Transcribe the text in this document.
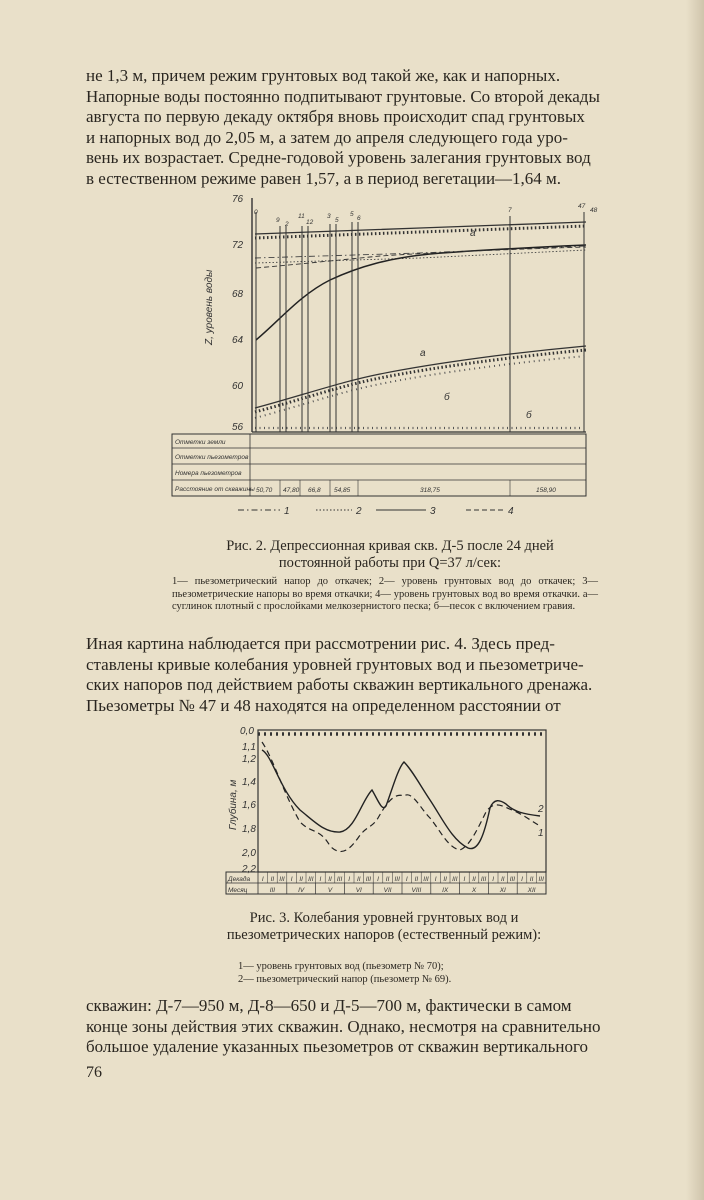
не 1,3 м, причем режим грунтовых вод такой же, как и напорных.
Напорные воды постоянно подпитывают грунтовые. Со второй декады
августа по первую декаду октября вновь происходит спад грунтовых
и напорных вод до 2,05 м, а затем до апреля следующего года уро-
вень их возрастает. Средне-годовой уровень залегания грунтовых вод
в естественном режиме равен 1,57, а в период вегетации—1,64 м.
76
72
68
64
60
56
Z, уровень воды
0
9
2
11
12
3
5
5
6
7
47
48
a
a
б
б
Отметки земли
Отметки пьезометров
Номера пьезометров
Расстояние от скважины 50,70 47,80 66,8 54,85	318,75	158,90
1	2	3	4
0,0
1,1
1,2
1,4
1,6
1,8
2,0
2,2
Глубина, м	2
1
Декада
Месяц
I II III I II III I II III I II III I II III I II III I II III I II III I II III I II III
III	IV	V	VI	VII	VIII	IX	X	XI	XII
Рис. 2. Депрессионная кривая скв. Д-5 после 24 дней постоянной работы при Q=37 л/сек:
1— пьезометрический напор до откачек; 2— уровень грунтовых вод до откачек; 3— пьезометрические напоры во время откачки; 4— уровень грунтовых вод во время откачки. а— суглинок плотный с прослойками мелкозернистого песка; б—песок с включением гравия.
Иная картина наблюдается при рассмотрении рис. 4. Здесь пред-
ставлены кривые колебания уровней грунтовых вод и пьезометриче-
ских напоров под действием работы скважин вертикального дренажа.
Пьезометры № 47 и 48 находятся на определенном расстоянии от
Рис. 3. Колебания уровней грунтовых вод и пьезометрических напоров (естественный режим):
1— уровень грунтовых вод (пьезометр № 70);
2— пьезометрический напор (пьезометр № 69).
скважин: Д-7—950 м, Д-8—650 и Д-5—700 м, фактически в самом
конце зоны действия этих скважин. Однако, несмотря на сравнительно
большое удаление указанных пьезометров от скважин вертикального
76
